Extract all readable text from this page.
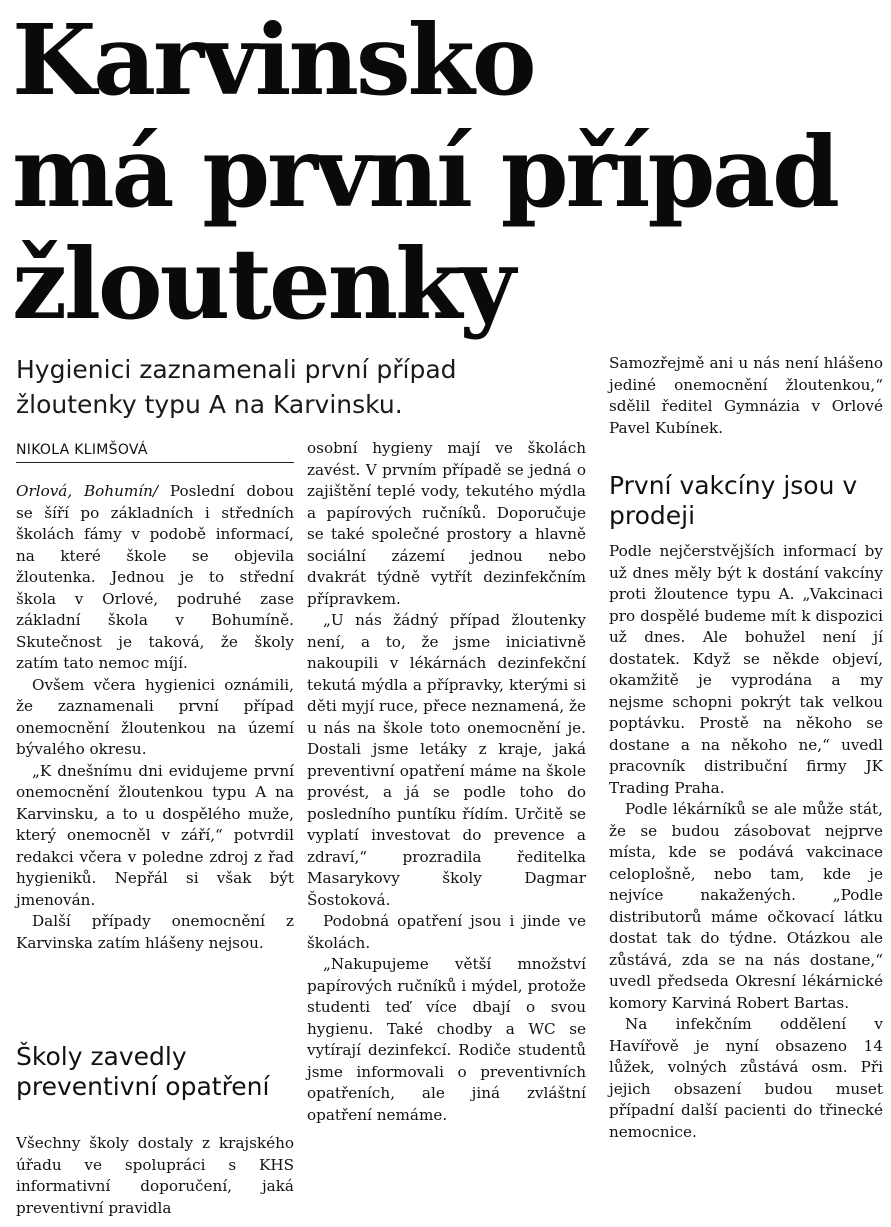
Karvinsko
má první případ
žloutenky
Hygienici zaznamenali první případ
žloutenky typu A na Karvinsku.
NIKOLA KLIMŠOVÁ

Orlová, Bohumín/ Poslední dobou se šíří po základních i středních školách fámy v podobě informací, na které škole se objevila žloutenka. Jednou je to střední škola v Orlové, podruhé zase základní škola v Bohumíně. Skutečnost je taková, že školy zatím tato nemoc míjí.

Ovšem včera hygienici oznámili, že zaznamenali první případ onemocnění žloutenkou na území bývalého okresu.

„K dnešnímu dni evidujeme první onemocnění žloutenkou typu A na Karvinsku, a to u dospělého muže, který onemocněl v září,“ potvrdil redakci včera v poledne zdroj z řad hygieniků. Nepřál si však být jmenován.

Další případy onemocnění z Karvinska zatím hlášeny nejsou.

Školy zavedly preventivní opatření

Všechny školy dostaly z krajského úřadu ve spolupráci s KHS informativní doporučení, jaká preventivní pravidla

osobní hygieny mají ve školách zavést. V prvním případě se jedná o zajištění teplé vody, tekutého mýdla a papírových ručníků. Doporučuje se také společné prostory a hlavně sociální zázemí jednou nebo dvakrát týdně vytřít dezinfekčním přípravkem.

„U nás žádný případ žloutenky není, a to, že jsme iniciativně nakoupili v lékárnách dezinfekční tekutá mýdla a přípravky, kterými si děti myjí ruce, přece neznamená, že u nás na škole toto onemocnění je. Dostali jsme letáky z kraje, jaká preventivní opatření máme na škole provést, a já se podle toho do posledního puntíku řídím. Určitě se vyplatí investovat do prevence a zdraví,“ prozradila ředitelka Masarykovy školy Dagmar Šostoková.

Podobná opatření jsou i jinde ve školách.

„Nakupujeme větší množství papírových ručníků i mýdel, protože studenti teď více dbají o svou hygienu. Také chodby a WC se vytírají dezinfekcí. Rodiče studentů jsme informovali o preventivních opatřeních, ale jiná zvláštní opatření nemáme.

Samozřejmě ani u nás není hlášeno jediné onemocnění žloutenkou,“ sdělil ředitel Gymnázia v Orlové Pavel Kubínek.

První vakcíny jsou v prodeji

Podle nejčerstvějších informací by už dnes měly být k dostání vakcíny proti žloutence typu A. „Vakcinaci pro dospělé budeme mít k dispozici už dnes. Ale bohužel není jí dostatek. Když se někde objeví, okamžitě je vyprodána a my nejsme schopni pokrýt tak velkou poptávku. Prostě na někoho se dostane a na někoho ne,“ uvedl pracovník distribuční firmy JK Trading Praha.

Podle lékárníků se ale může stát, že se budou zásobovat nejprve místa, kde se podává vakcinace celoplošně, nebo tam, kde je nejvíce nakažených. „Podle distributorů máme očkovací látku dostat tak do týdne. Otázkou ale zůstává, zda se na nás dostane,“ uvedl předseda Okresní lékárnické komory Karviná Robert Bartas.

Na infekčním oddělení v Havířově je nyní obsazeno 14 lůžek, volných zůstává osm. Při jejich obsazení budou muset případní další pacienti do třinecké nemocnice.
